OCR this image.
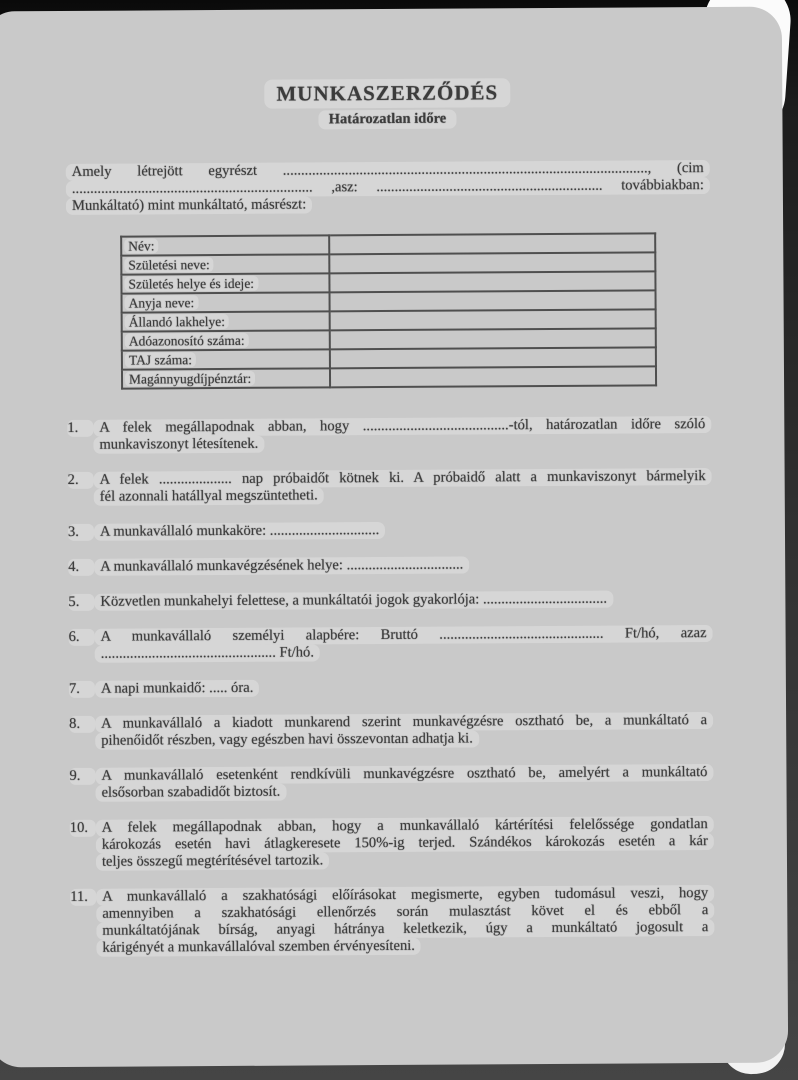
MUNKASZERZŐDÉS
Határozatlan időre
Amely létrejött egyrészt ...................................................................................................., (cim
.................................................................. ,asz: .............................................................. továbbiakban:
Munkáltató) mint munkáltató, másrészt:
Név:	
Születési neve:	
Születés helye és ideje:	
Anyja neve:	
Állandó lakhelye:	
Adóazonosító száma:	
TAJ száma:	
Magánnyugdíjpénztár:	
1.	A felek megállapodnak abban, hogy ........................................-tól, határozatlan időre szóló
munkaviszonyt létesítenek.
2.	A felek .................... nap próbaidőt kötnek ki. A próbaidő alatt a munkaviszonyt bármelyik
fél azonnali hatállyal megszüntetheti.
3.	A munkavállaló munkaköre: ..............................
4.	A munkavállaló munkavégzésének helye: ................................
5.	Közvetlen munkahelyi felettese, a munkáltatói jogok gyakorlója: ..................................
6.	A munkavállaló személyi alapbére: Bruttó ............................................. Ft/hó, azaz
................................................ Ft/hó.
7.	A napi munkaidő: ..... óra.
8.	A munkavállaló a kiadott munkarend szerint munkavégzésre osztható be, a munkáltató a
pihenőidőt részben, vagy egészben havi összevontan adhatja ki.
9.	A munkavállaló esetenként rendkívüli munkavégzésre osztható be, amelyért a munkáltató
elsősorban szabadidőt biztosít.
10. A felek megállapodnak abban, hogy a munkavállaló kártérítési felelőssége gondatlan
károkozás esetén havi átlagkeresete 150%-ig terjed. Szándékos károkozás esetén a kár
teljes összegű megtérítésével tartozik.
11. A munkavállaló a szakhatósági előírásokat megismerte, egyben tudomásul veszi, hogy
amennyiben a szakhatósági ellenőrzés során mulasztást követ el és ebből a
munkáltatójának bírság, anyagi hátránya keletkezik, úgy a munkáltató jogosult a
kárigényét a munkavállalóval szemben érvényesíteni.
